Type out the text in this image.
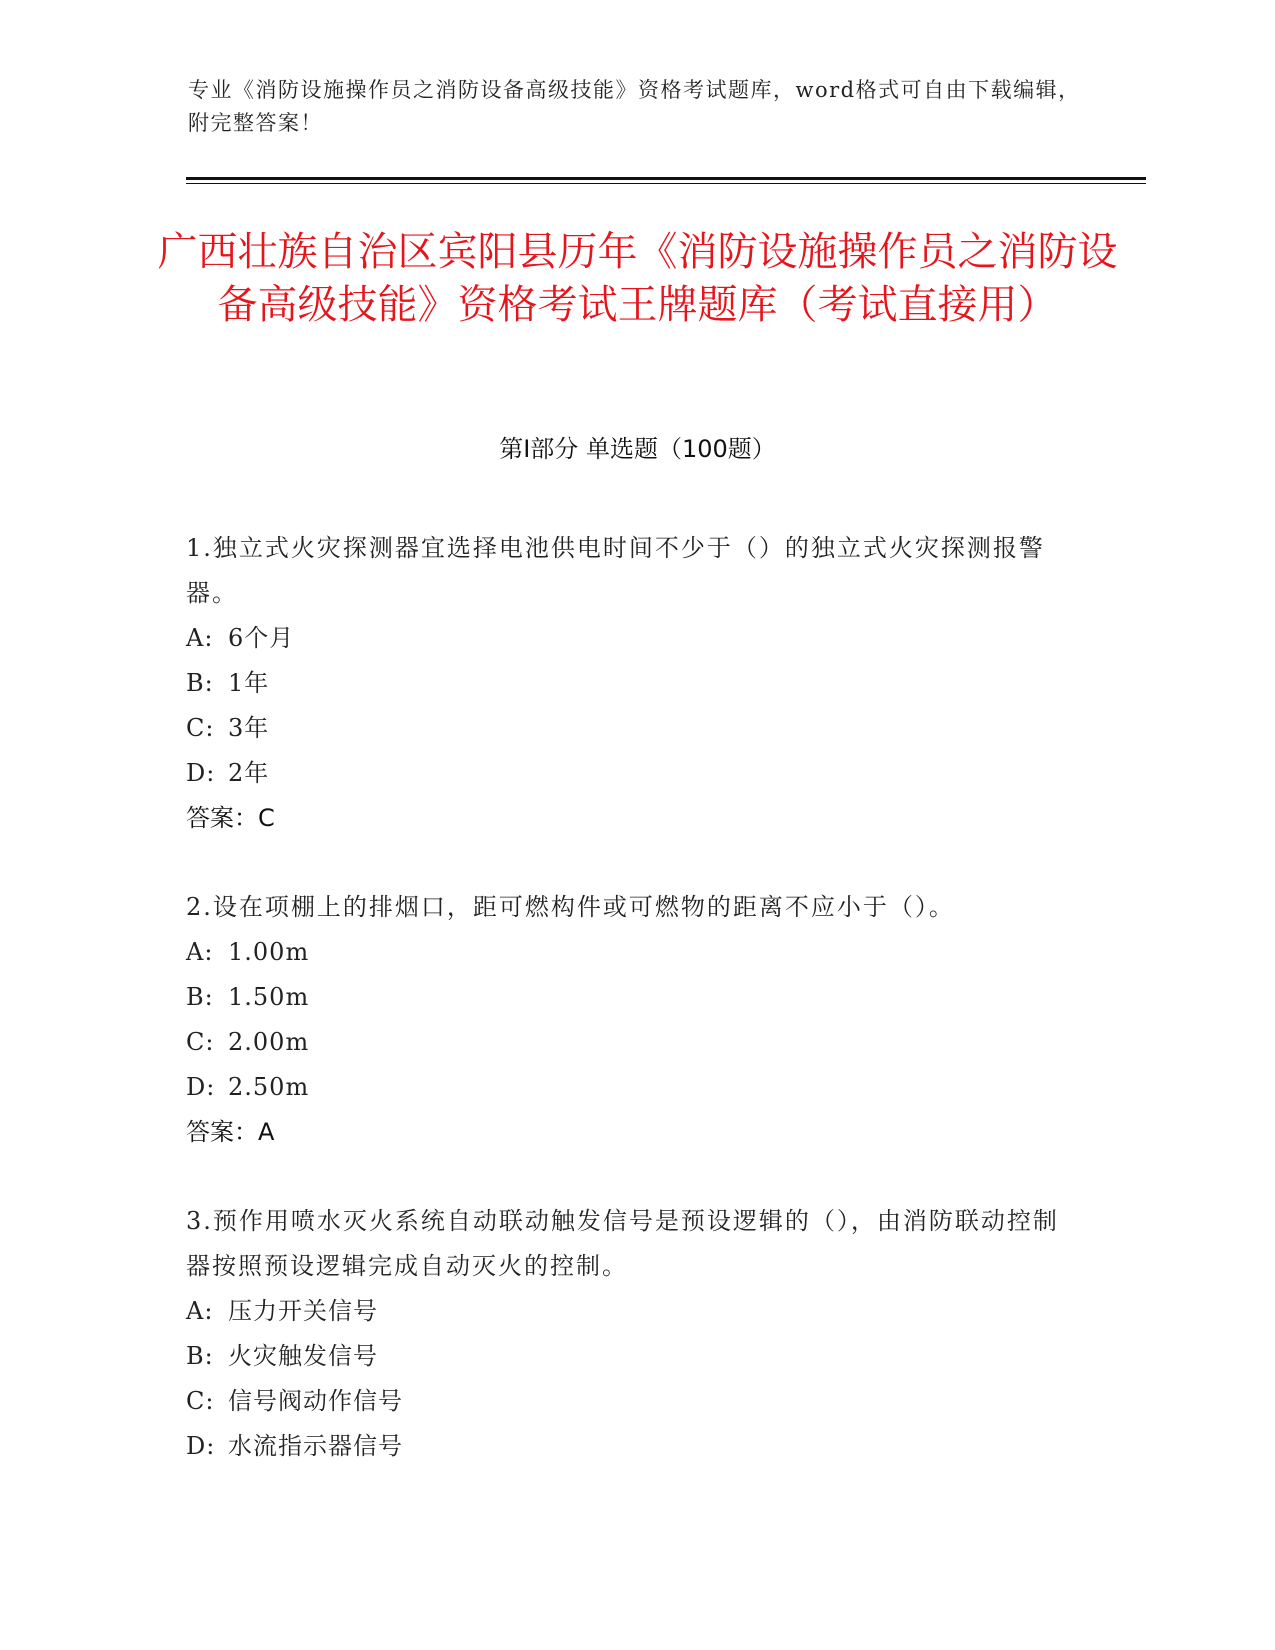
专业《消防设施操作员之消防设备高级技能》资格考试题库，word格式可自由下载编辑，附完整答案！
广西壮族自治区宾阳县历年《消防设施操作员之消防设备高级技能》资格考试王牌题库（考试直接用）
第I部分 单选题（100题）
1.独立式火灾探测器宜选择电池供电时间不少于（）的独立式火灾探测报警器。
A: 6个月
B: 1年
C: 3年
D: 2年
答案：C
2.设在项棚上的排烟口，距可燃构件或可燃物的距离不应小于（）。
A: 1.00m
B: 1.50m
C: 2.00m
D: 2.50m
答案：A
3.预作用喷水灭火系统自动联动触发信号是预设逻辑的（），由消防联动控制器按照预设逻辑完成自动灭火的控制。
A: 压力开关信号
B: 火灾触发信号
C: 信号阀动作信号
D: 水流指示器信号
